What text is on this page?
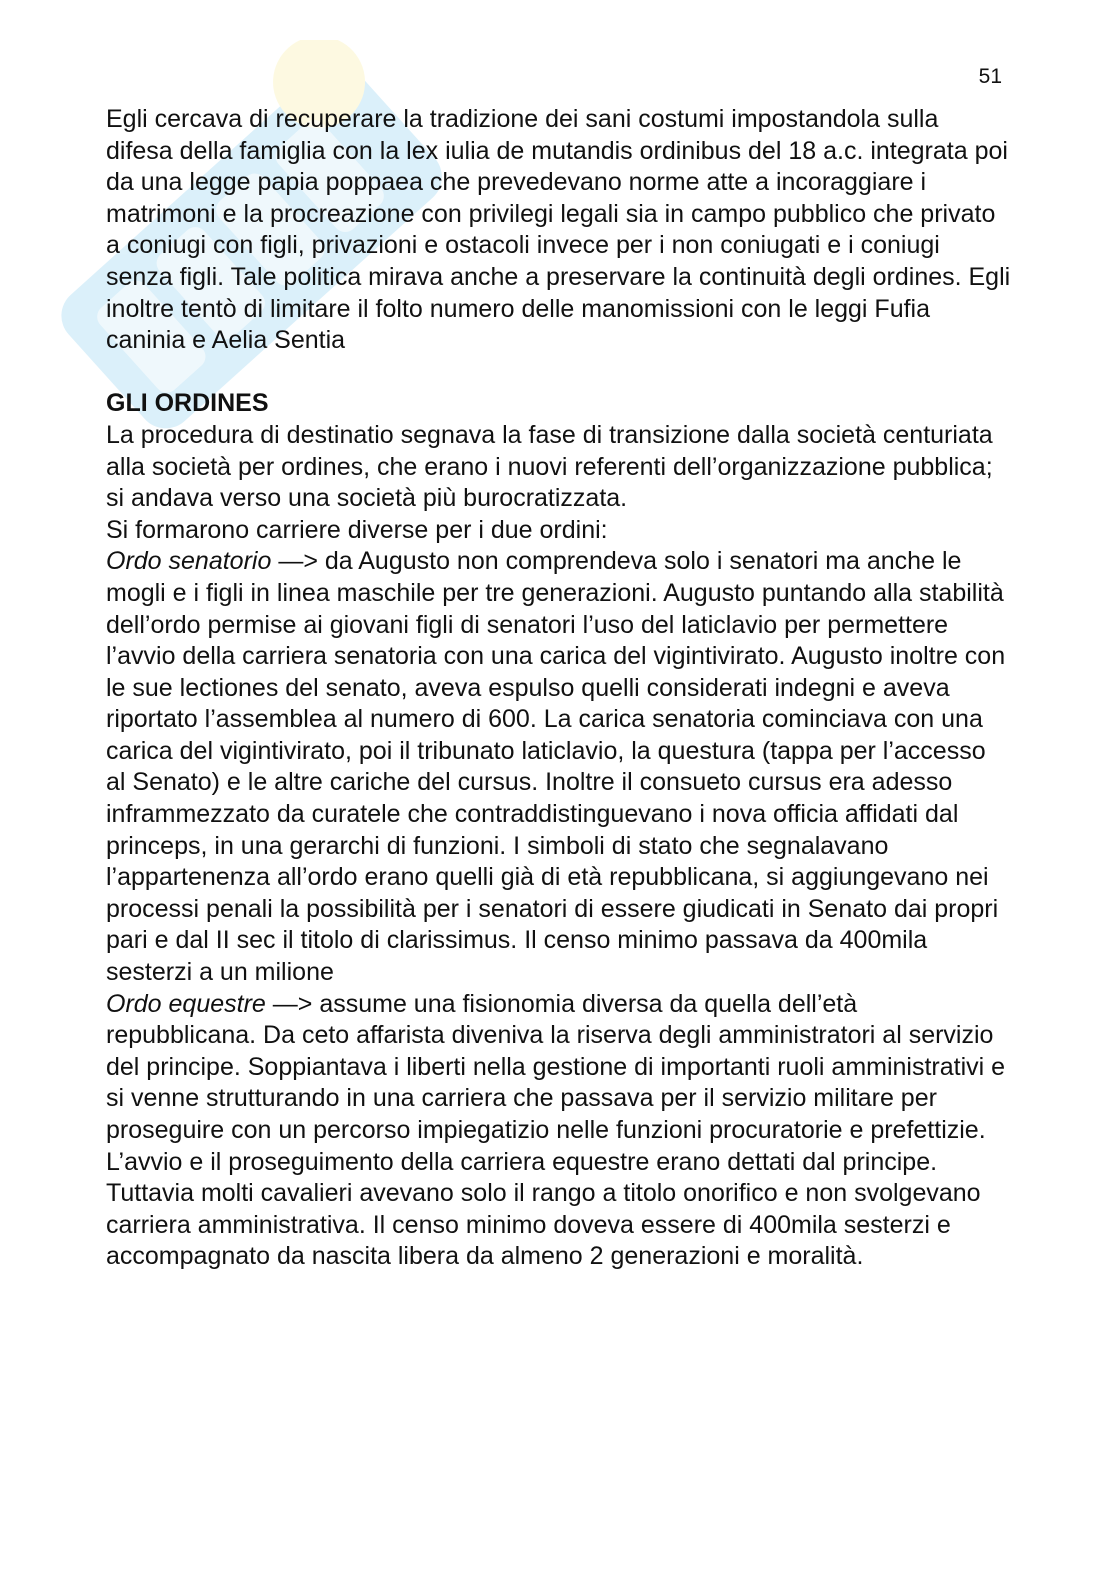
51

Egli cercava di recuperare la tradizione dei sani costumi impostandola sulla difesa della famiglia con la lex iulia de mutandis ordinibus del 18 a.c. integrata poi da una legge papia poppaea che prevedevano norme atte a incoraggiare i matrimoni e la procreazione con privilegi legali sia in campo pubblico che privato a coniugi con figli, privazioni e ostacoli invece per i non coniugati e i coniugi senza figli. Tale politica mirava anche a preservare la continuità degli ordines. Egli inoltre tentò di limitare il folto numero delle manomissioni con le leggi Fufia caninia e Aelia Sentia

GLI ORDINES

La procedura di destinatio segnava la fase di transizione dalla società centuriata alla società per ordines, che erano i nuovi referenti dell’organizzazione pubblica; si andava verso una società più burocratizzata.

Si formarono carriere diverse per i due ordini:

Ordo senatorio —> da Augusto non comprendeva solo i senatori ma anche le mogli e i figli in linea maschile per tre generazioni. Augusto puntando alla stabilità dell’ordo permise ai giovani figli di senatori l’uso del laticlavio per permettere l’avvio della carriera senatoria con una carica del vigintivirato. Augusto inoltre con le sue lectiones del senato, aveva espulso quelli considerati indegni e aveva riportato l’assemblea al numero di 600. La carica senatoria cominciava con una carica del vigintivirato, poi il tribunato laticlavio, la questura (tappa per l’accesso al Senato) e le altre cariche del cursus. Inoltre il consueto cursus era adesso inframmezzato da curatele che contraddistinguevano i nova officia affidati dal princeps, in una gerarchi di funzioni. I simboli di stato che segnalavano l’appartenenza all’ordo erano quelli già di età repubblicana, si aggiungevano nei processi penali la possibilità per i senatori di essere giudicati in Senato dai propri pari e dal II sec il titolo di clarissimus. Il censo minimo passava da 400mila sesterzi a un milione

Ordo equestre —> assume una fisionomia diversa da quella dell’età repubblicana. Da ceto affarista diveniva la riserva degli amministratori al servizio del principe. Soppiantava i liberti nella gestione di importanti ruoli amministrativi e si venne strutturando in una carriera che passava per il servizio militare per proseguire con un percorso impiegatizio nelle funzioni procuratorie e prefettizie. L’avvio e il proseguimento della carriera equestre erano dettati dal principe. Tuttavia molti cavalieri avevano solo il rango a titolo onorifico e non svolgevano carriera amministrativa. Il censo minimo doveva essere di 400mila sesterzi e accompagnato da nascita libera da almeno 2 generazioni e moralità.
